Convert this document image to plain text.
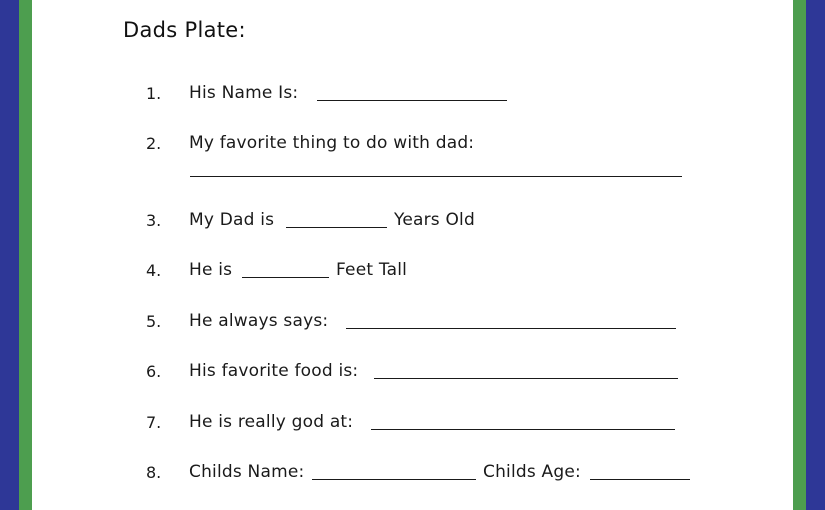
Dads Plate:
1. His Name Is:
2. My favorite thing to do with dad:
3. My Dad is	Years Old
4. He is	Feet Tall
5. He always says:
6. His favorite food is:
7. He is really god at:
8. Childs Name:	Childs Age:
